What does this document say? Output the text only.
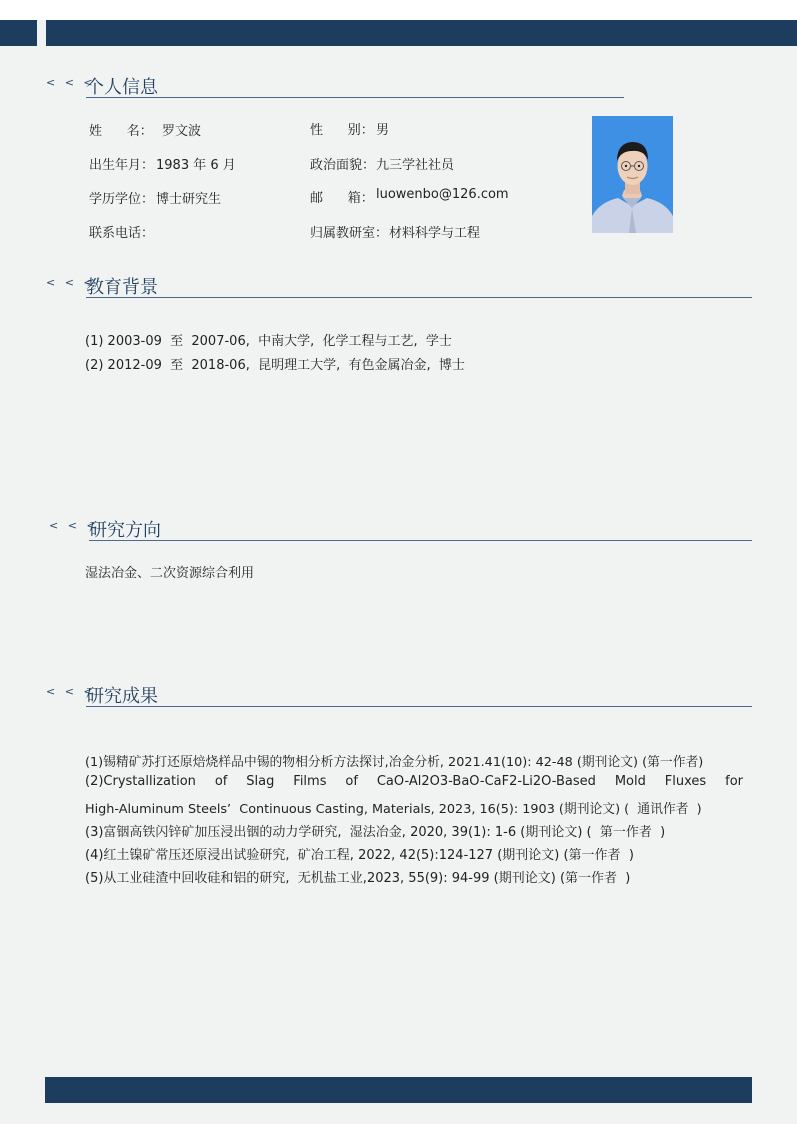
< < <
个人信息
姓      名： 罗文波	性      别： 男
出生年月： 1983 年 6 月	政治面貌： 九三学社社员
学历学位： 博士研究生	邮      箱： luowenbo@126.com
联系电话：	归属教研室： 材料科学与工程
< < <
教育背景
(1) 2003-09  至  2007-06,  中南大学,  化学工程与工艺,  学士
(2) 2012-09  至  2018-06,  昆明理工大学,  有色金属冶金,  博士
< < <
研究方向
湿法冶金、二次资源综合利用
< < <
研究成果
(1)锡精矿苏打还原焙烧样品中锡的物相分析方法探讨,冶金分析, 2021.41(10): 42-48 (期刊论文) (第一作者)
(2)Crystallization of Slag Films of CaO-Al2O3-BaO-CaF2-Li2O-Based Mold Fluxes for
High-Aluminum Steels’  Continuous Casting, Materials, 2023, 16(5): 1903 (期刊论文) (  通讯作者  )
(3)富铟高铁闪锌矿加压浸出铟的动力学研究,  湿法冶金, 2020, 39(1): 1-6 (期刊论文) (  第一作者  )
(4)红土镍矿常压还原浸出试验研究,  矿冶工程, 2022, 42(5):124-127 (期刊论文) (第一作者  )
(5)从工业硅渣中回收硅和铝的研究,  无机盐工业,2023, 55(9): 94-99 (期刊论文) (第一作者  )
